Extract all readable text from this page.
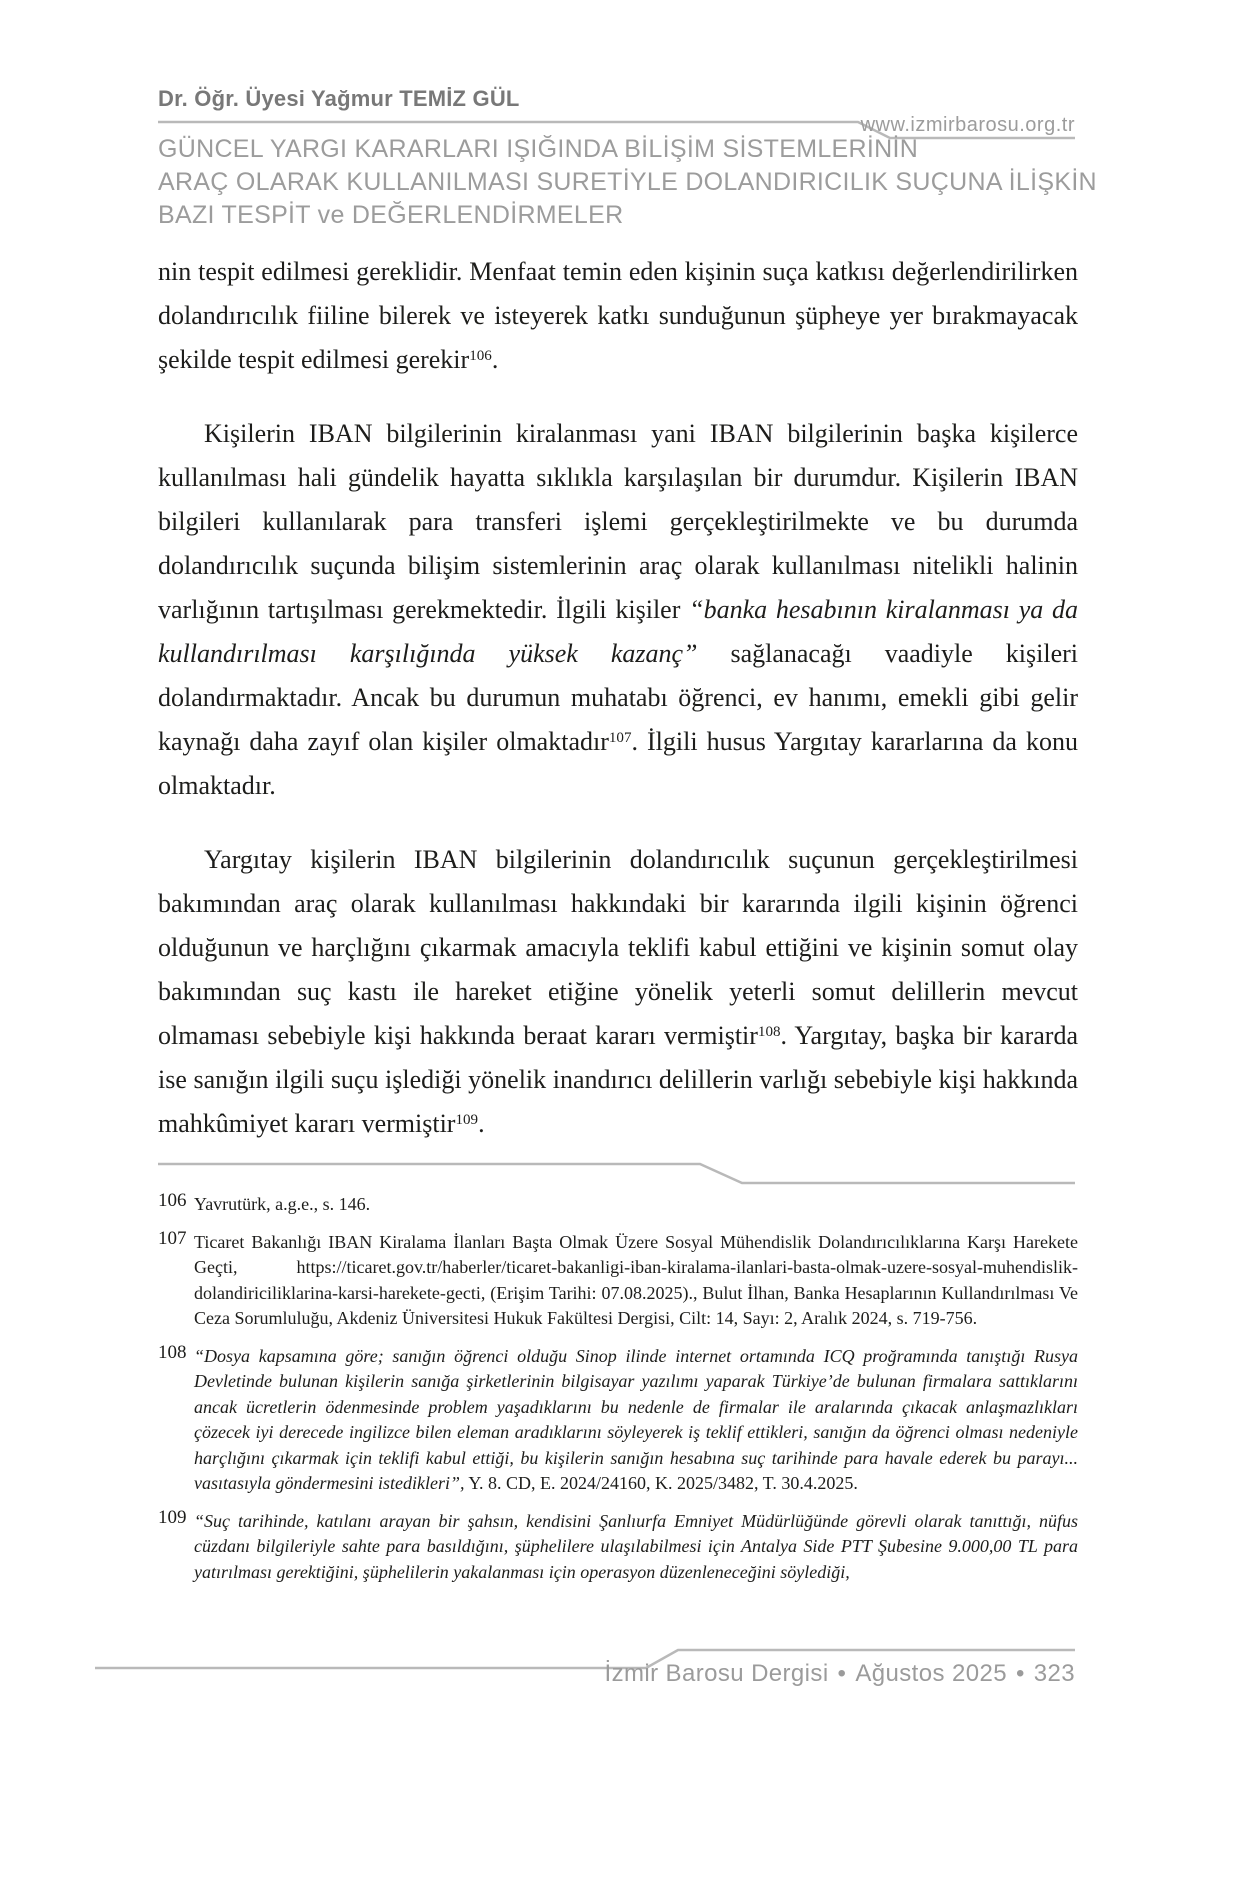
Dr. Öğr. Üyesi Yağmur TEMİZ GÜL
www.izmirbarosu.org.tr
GÜNCEL YARGI KARARLARI IŞIĞINDA BİLİŞİM SİSTEMLERİNİN
ARAÇ OLARAK KULLANILMASI SURETİYLE DOLANDIRICILIK SUÇUNA İLİŞKİN
BAZI TESPİT ve DEĞERLENDİRMELER

nin tespit edilmesi gereklidir. Menfaat temin eden kişinin suça katkısı değerlendirilirken dolandırıcılık fiiline bilerek ve isteyerek katkı sunduğunun şüpheye yer bırakmayacak şekilde tespit edilmesi gerekir$^{106}$.

Kişilerin IBAN bilgilerinin kiralanması yani IBAN bilgilerinin başka kişilerce kullanılması hali gündelik hayatta sıklıkla karşılaşılan bir durumdur. Kişilerin IBAN bilgileri kullanılarak para transferi işlemi gerçekleştirilmekte ve bu durumda dolandırıcılık suçunda bilişim sistemlerinin araç olarak kullanılması nitelikli halinin varlığının tartışılması gerekmektedir. İlgili kişiler “banka hesabının kiralanması ya da kullandırılması karşılığında yüksek kazanç” sağlanacağı vaadiyle kişileri dolandırmaktadır. Ancak bu durumun muhatabı öğrenci, ev hanımı, emekli gibi gelir kaynağı daha zayıf olan kişiler olmaktadır$^{107}$. İlgili husus Yargıtay kararlarına da konu olmaktadır.

Yargıtay kişilerin IBAN bilgilerinin dolandırıcılık suçunun gerçekleştirilmesi bakımından araç olarak kullanılması hakkındaki bir kararında ilgili kişinin öğrenci olduğunun ve harçlığını çıkarmak amacıyla teklifi kabul ettiğini ve kişinin somut olay bakımından suç kastı ile hareket etiğine yönelik yeterli somut delillerin mevcut olmaması sebebiyle kişi hakkında beraat kararı vermiştir$^{108}$. Yargıtay, başka bir kararda ise sanığın ilgili suçu işlediği yönelik inandırıcı delillerin varlığı sebebiyle kişi hakkında mahkûmiyet kararı vermiştir$^{109}$.

106 Yavrutürk, a.g.e., s. 146.
107 Ticaret Bakanlığı IBAN Kiralama İlanları Başta Olmak Üzere Sosyal Mühendislik Dolandırıcılıklarına Karşı Harekete Geçti, https://ticaret.gov.tr/haberler/ticaret-bakanligi-iban-kiralama-ilanlari-basta-olmak-uzere-sosyal-muhendislik-dolandiriciliklarina-karsi-harekete-gecti, (Erişim Tarihi: 07.08.2025)., Bulut İlhan, Banka Hesaplarının Kullandırılması Ve Ceza Sorumluluğu, Akdeniz Üniversitesi Hukuk Fakültesi Dergisi, Cilt: 14, Sayı: 2, Aralık 2024, s. 719-756.
108 “Dosya kapsamına göre; sanığın öğrenci olduğu Sinop ilinde internet ortamında ICQ proğramında tanıştığı Rusya Devletinde bulunan kişilerin sanığa şirketlerinin bilgisayar yazılımı yaparak Türkiye’de bulunan firmalara sattıklarını ancak ücretlerin ödenmesinde problem yaşadıklarını bu nedenle de firmalar ile aralarında çıkacak anlaşmazlıkları çözecek iyi derecede ingilizce bilen eleman aradıklarını söyleyerek iş teklif ettikleri, sanığın da öğrenci olması nedeniyle harçlığını çıkarmak için teklifi kabul ettiği, bu kişilerin sanığın hesabına suç tarihinde para havale ederek bu parayı... vasıtasıyla göndermesini istedikleri”, Y. 8. CD, E. 2024/24160, K. 2025/3482, T. 30.4.2025.
109 “Suç tarihinde, katılanı arayan bir şahsın, kendisini Şanlıurfa Emniyet Müdürlüğünde görevli olarak tanıttığı, nüfus cüzdanı bilgileriyle sahte para basıldığını, şüphelilere ulaşılabilmesi için Antalya Side PTT Şubesine 9.000,00 TL para yatırılması gerektiğini, şüphelilerin yakalanması için operasyon düzenleneceğini söylediği,
İzmir Barosu Dergisi • Ağustos 2025 • 323
